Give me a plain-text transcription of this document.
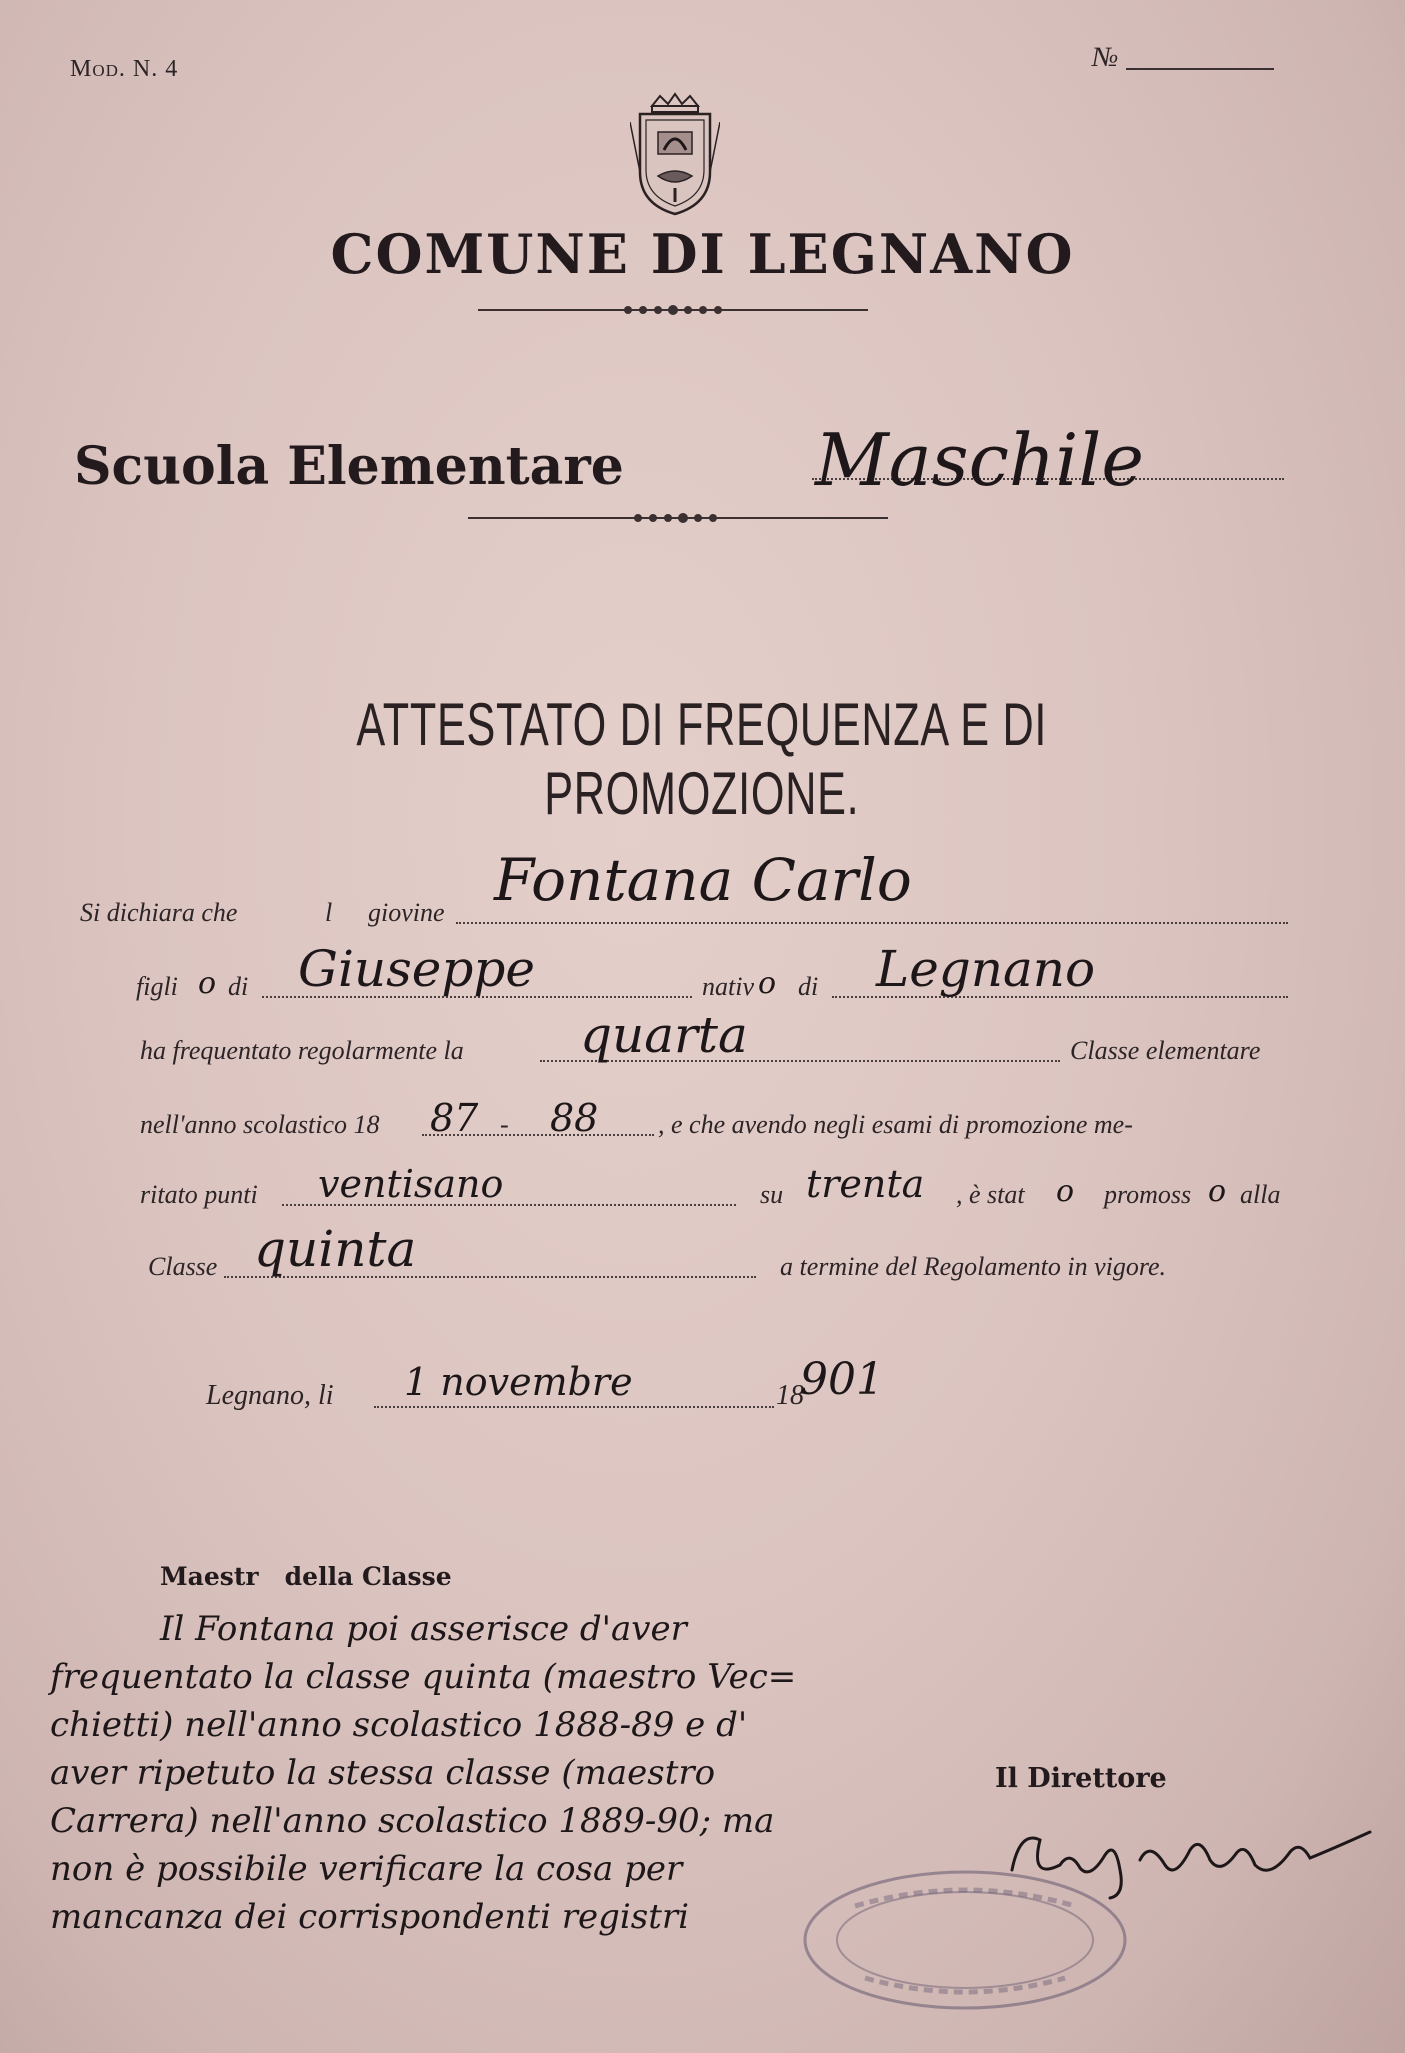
Mod. N. 4	№
COMUNE DI LEGNANO
Scuola Elementare	Maschile
ATTESTATO DI FREQUENZA E DI PROMOZIONE.
Si dichiara che	l giovine Fontana Carlo
figli o di Giuseppe	nativ o di Legnano
ha frequentato regolarmente la quarta	Classe elementare
nell'anno scolastico 18 87 - 88 , e che avendo negli esami di promozione me-
ritato punti ventisano	su trenta , è stat o promoss o alla
Classe quinta	a termine del Regolamento in vigore.
Legnano, li 1 novembre	18
901
Maestr   della Classe
Il Fontana poi asserisce d'aver
frequentato la classe quinta (maestro Vec=
chietti) nell'anno scolastico 1888-89 e d'
aver ripetuto la stessa classe (maestro
Carrera) nell'anno scolastico 1889-90; ma
non è possibile verificare la cosa per
mancanza dei corrispondenti registri
Il Direttore
